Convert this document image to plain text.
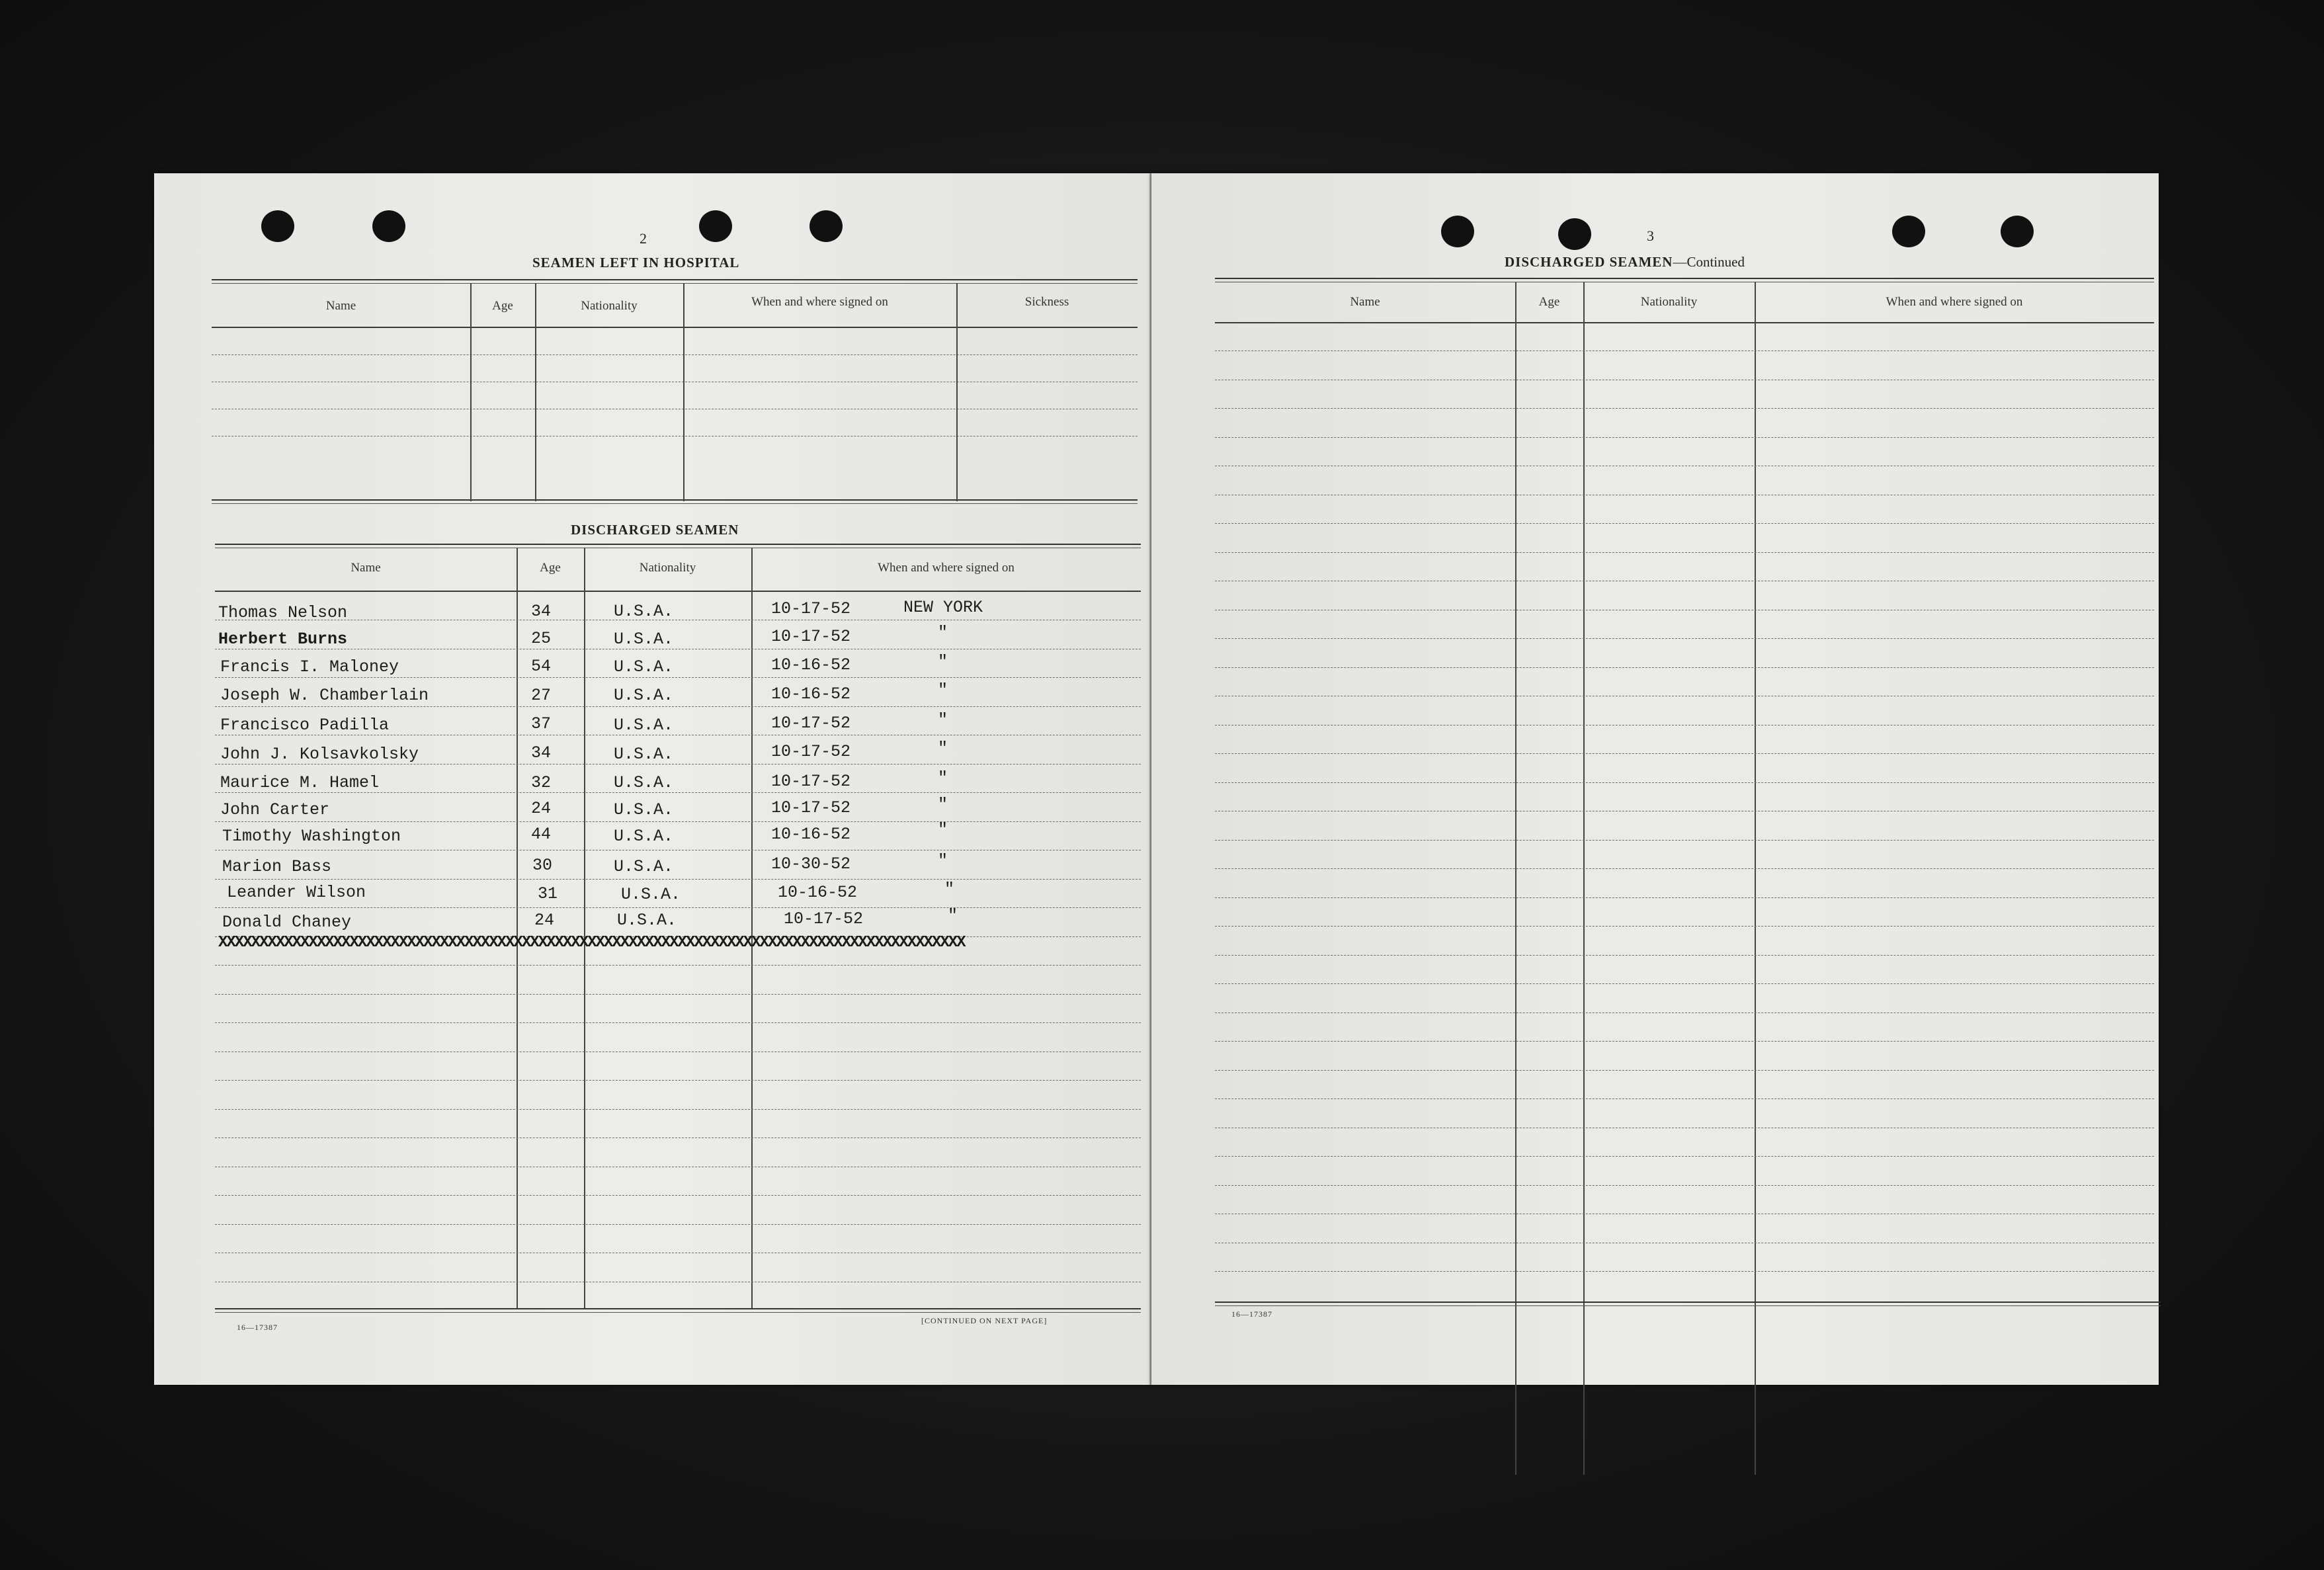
2
SEAMEN LEFT IN HOSPITAL
Name	Age	Nationality	When and where signed on	Sickness
DISCHARGED SEAMEN
Name	Age	Nationality	When and where signed on
Thomas Nelson	34	U.S.A.	10-17-52	NEW YORK
Herbert Burns	25	U.S.A.	10-17-52	"
Francis I. Maloney	54	U.S.A.	10-16-52	"
Joseph W. Chamberlain	27	U.S.A.	10-16-52	"
Francisco Padilla	37	U.S.A.	10-17-52	"
John J. Kolsavkolsky	34	U.S.A.	10-17-52	"
Maurice M. Hamel	32	U.S.A.	10-17-52	"
John Carter	24	U.S.A.	10-17-52	"
Timothy Washington	44	U.S.A.	10-16-52	"
Marion Bass	30	U.S.A.	10-30-52	"
Leander Wilson	31	U.S.A.	10-16-52	"
Donald Chaney	24	U.S.A.	10-17-52	"
XXXXXXXXXXXXXXXXXXXXXXXXXXXXXXXXXXXXXXXXXXXXXXXXXXXXXXXXXXXXXXXXXXXXXXXXXXXXXXXXXXXXXXXXXXX
16—17387
[CONTINUED ON NEXT PAGE]
3
DISCHARGED SEAMEN—Continued
Name	Age	Nationality	When and where signed on
16—17387
